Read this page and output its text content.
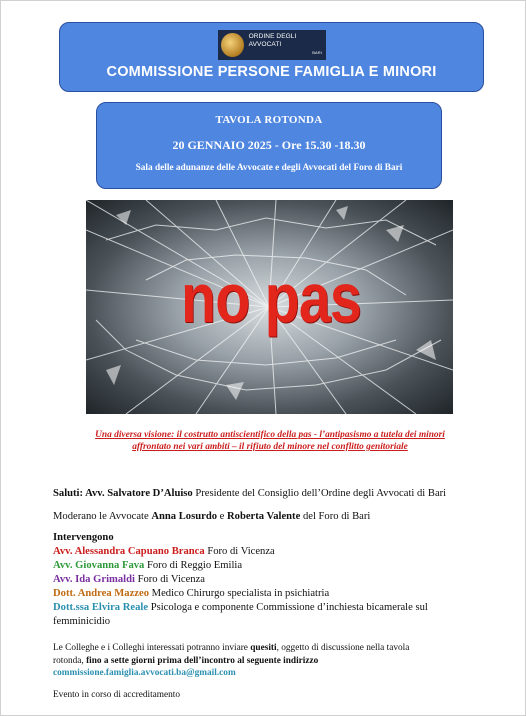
ORDINE DEGLI AVVOCATI
BARI
COMMISSIONE PERSONE FAMIGLIA E MINORI
TAVOLA ROTONDA
20 GENNAIO 2025 - Ore 15.30 -18.30
Sala delle adunanze delle Avvocate e degli Avvocati del Foro di Bari
no pas
Una diversa visione: il costrutto antiscientifico della pas - l’antipasismo a tutela dei minori
affrontato nei vari ambiti – il rifiuto del minore nel conflitto genitoriale
Saluti: Avv. Salvatore D’Aluiso Presidente del Consiglio dell’Ordine degli Avvocati di Bari
Moderano le Avvocate Anna Losurdo e Roberta Valente del Foro di Bari
Intervengono
Avv. Alessandra Capuano Branca Foro di Vicenza
Avv. Giovanna Fava Foro di Reggio Emilia
Avv. Ida Grimaldi Foro di Vicenza
Dott. Andrea Mazzeo Medico Chirurgo specialista in psichiatria
Dott.ssa Elvira Reale Psicologa e componente Commissione d’inchiesta bicamerale sul
femminicidio
Le Colleghe e i Colleghi interessati potranno inviare quesiti, oggetto di discussione nella tavola
rotonda, fino a sette giorni prima dell’incontro al seguente indirizzo
commissione.famiglia.avvocati.ba@gmail.com
Evento in corso di accreditamento
